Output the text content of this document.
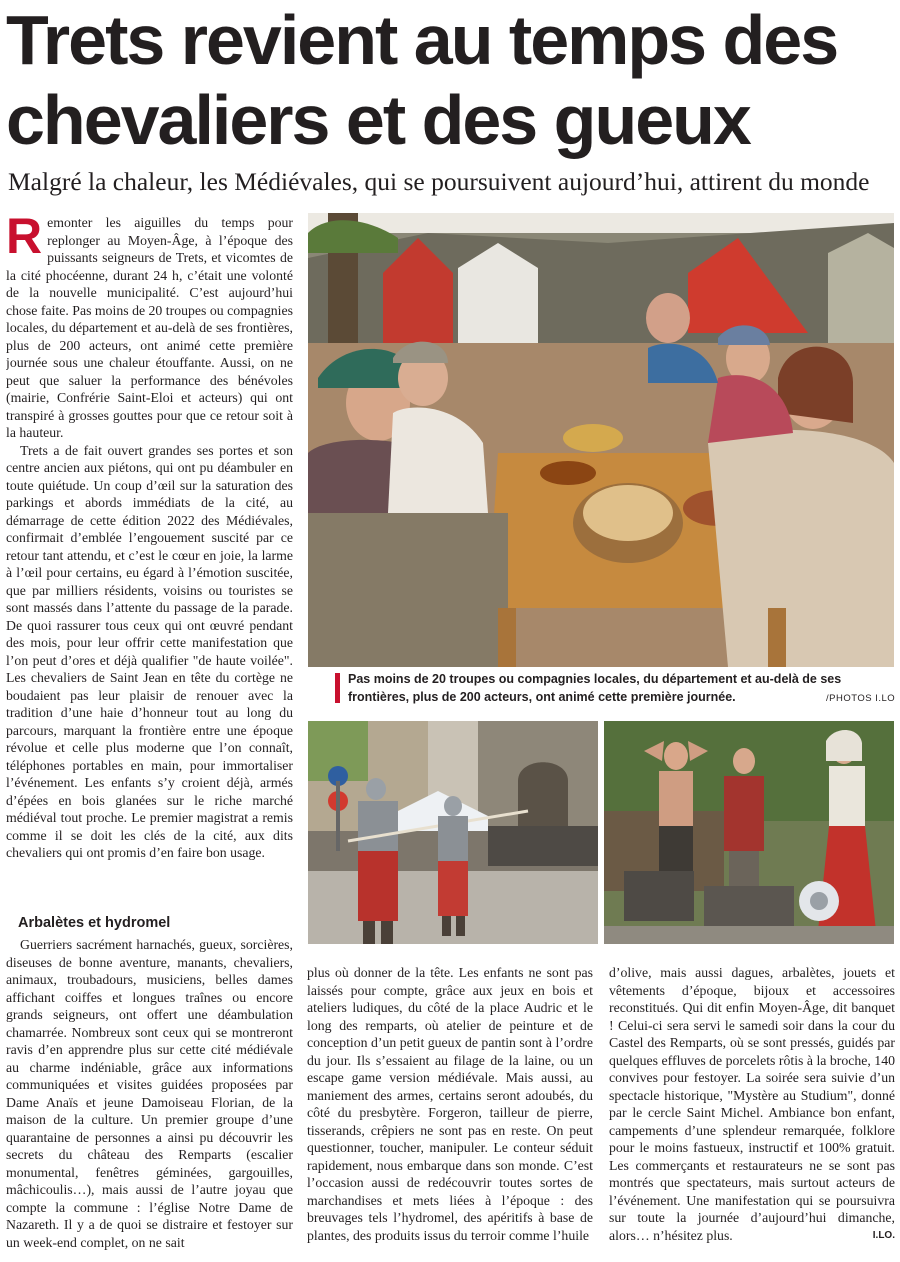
Trets revient au temps des chevaliers et des gueux

Malgré la chaleur, les Médiévales, qui se poursuivent aujourd’hui, attirent du monde

R emonter les aiguilles du temps pour replonger au Moyen-Âge, à l’époque des puissants seigneurs de Trets, et vicomtes de la cité phocéenne, durant 24 h, c’était une volonté de la nouvelle municipalité. C’est aujourd’hui chose faite. Pas moins de 20 troupes ou compagnies locales, du département et au-delà de ses frontières, plus de 200 acteurs, ont animé cette première journée sous une chaleur étouffante. Aussi, on ne peut que saluer la performance des bénévoles (mairie, Confrérie Saint-Eloi et acteurs) qui ont transpiré à grosses gouttes pour que ce retour soit à la hauteur.

Trets a de fait ouvert grandes ses portes et son centre ancien aux piétons, qui ont pu déambuler en toute quiétude. Un coup d’œil sur la saturation des parkings et abords immédiats de la cité, au démarrage de cette édition 2022 des Médiévales, confirmait d’emblée l’engouement suscité par ce retour tant attendu, et c’est le cœur en joie, la larme à l’œil pour certains, eu égard à l’émotion suscitée, que par milliers résidents, voisins ou touristes se sont massés dans l’attente du passage de la parade. De quoi rassurer tous ceux qui ont œuvré pendant des mois, pour leur offrir cette manifestation que l’on peut d’ores et déjà qualifier "de haute voilée". Les chevaliers de Saint Jean en tête du cortège ne boudaient pas leur plaisir de renouer avec la tradition d’une haie d’honneur tout au long du parcours, marquant la frontière entre une époque révolue et celle plus moderne que l’on connaît, téléphones portables en main, pour immortaliser l’événement. Les enfants s’y croient déjà, armés d’épées en bois glanées sur le riche marché médiéval tout proche. Le premier magistrat a remis comme il se doit les clés de la cité, aux dits chevaliers qui ont promis d’en faire bon usage.

Arbalètes et hydromel

Guerriers sacrément harnachés, gueux, sorcières, diseuses de bonne aventure, manants, chevaliers, animaux, troubadours, musiciens, belles dames affichant coiffes et longues traînes ou encore grands seigneurs, ont offert une déambulation chamarrée. Nombreux sont ceux qui se montreront ravis d’en apprendre plus sur cette cité médiévale au charme indéniable, grâce aux informations communiquées et visites guidées proposées par Dame Anaïs et jeune Damoiseau Florian, de la maison de la culture. Un premier groupe d’une quarantaine de personnes a ainsi pu découvrir les secrets du château des Remparts (escalier monumental, fenêtres géminées, gargouilles, mâchicoulis…), mais aussi de l’autre joyau que compte la commune : l’église Notre Dame de Nazareth. Il y a de quoi se distraire et festoyer sur un week-end complet, on ne sait

plus où donner de la tête. Les enfants ne sont pas laissés pour compte, grâce aux jeux en bois et ateliers ludiques, du côté de la place Audric et le long des remparts, où atelier de peinture et de conception d’un petit gueux de pantin sont à l’ordre du jour. Ils s’essaient au filage de la laine, ou un escape game version médiévale. Mais aussi, au maniement des armes, certains seront adoubés, du côté du presbytère. Forgeron, tailleur de pierre, tisserands, crêpiers ne sont pas en reste. On peut questionner, toucher, manipuler. Le conteur séduit rapidement, nous embarque dans son monde. C’est l’occasion aussi de redécouvrir toutes sortes de marchandises et mets liées à l’époque : des breuvages tels l’hydromel, des apéritifs à base de plantes, des produits issus du terroir comme l’huile

d’olive, mais aussi dagues, arbalètes, jouets et vêtements d’époque, bijoux et accessoires reconstitués. Qui dit enfin Moyen-Âge, dit banquet ! Celui-ci sera servi le samedi soir dans la cour du Castel des Remparts, où se sont pressés, guidés par quelques effluves de porcelets rôtis à la broche, 140 convives pour festoyer. La soirée sera suivie d’un spectacle historique, "Mystère au Studium", donné par le cercle Saint Michel. Ambiance bon enfant, campements d’une splendeur remarquée, folklore pour le moins fastueux, instructif et 100% gratuit. Les commerçants et restaurateurs ne se sont pas montrés que spectateurs, mais surtout acteurs de l’événement. Une manifestation qui se poursuivra sur toute la journée d’aujourd’hui dimanche, alors… n’hésitez plus.	I.LO.

Pas moins de 20 troupes ou compagnies locales, du département et au-delà de ses frontières, plus de 200 acteurs, ont animé cette première journée.	/PHOTOS I.LO
